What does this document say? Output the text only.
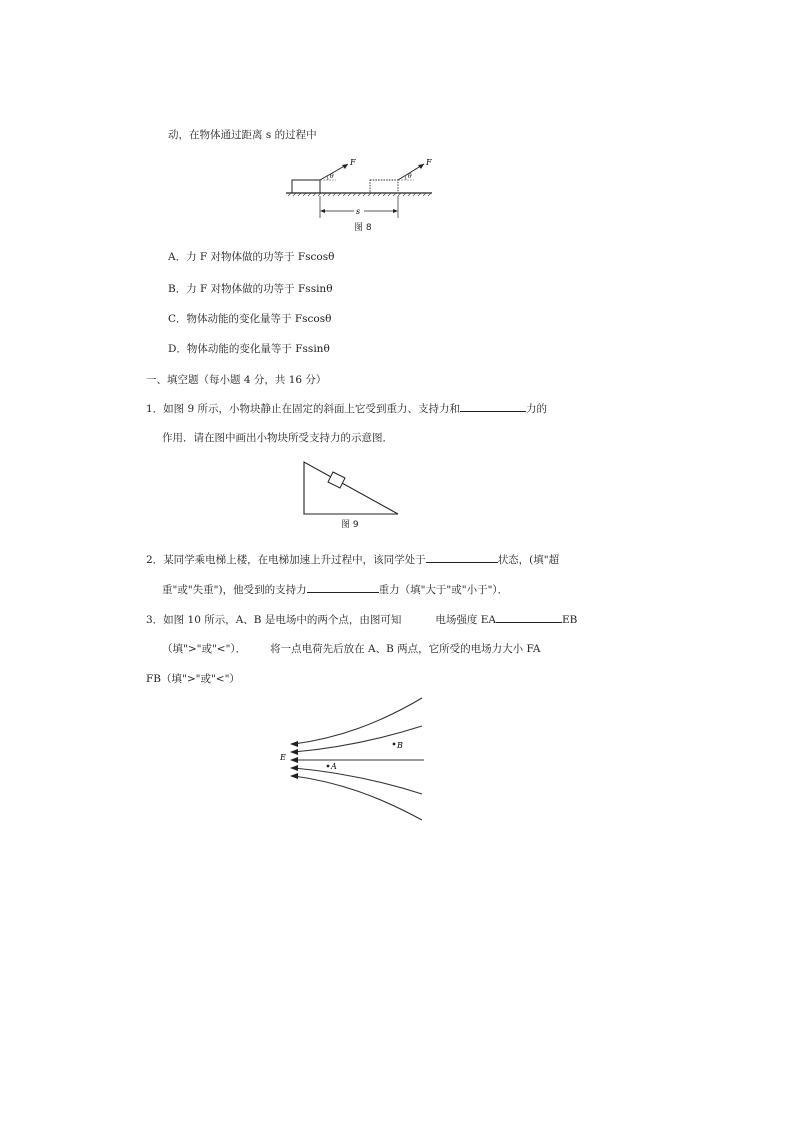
动，在物体通过距离 s 的过程中
θ
F
θ
F
s
图 8
A．力 F 对物体做的功等于 Fscosθ
B．力 F 对物体做的功等于 Fssinθ
C．物体动能的变化量等于 Fscosθ
D．物体动能的变化量等于 Fssinθ
一、填空题（每小题 4 分，共 16 分）
1．如图 9 所示，小物块静止在固定的斜面上它受到重力、支持力和	力的
作用．请在图中画出小物块所受支持力的示意图．
图 9
2．某同学乘电梯上楼，在电梯加速上升过程中，该同学处于	状态，(填"超
重"或"失重")，他受到的支持力	重力（填"大于"或"小于"）．
3．如图 10 所示，A、B 是电场中的两个点，由图可知	电场强度 EA	EB
（填">"或"<"）． 将一点电荷先后放在 A、B 两点，它所受的电场力大小 FA
FB（填">"或"<"）
E
A
B
